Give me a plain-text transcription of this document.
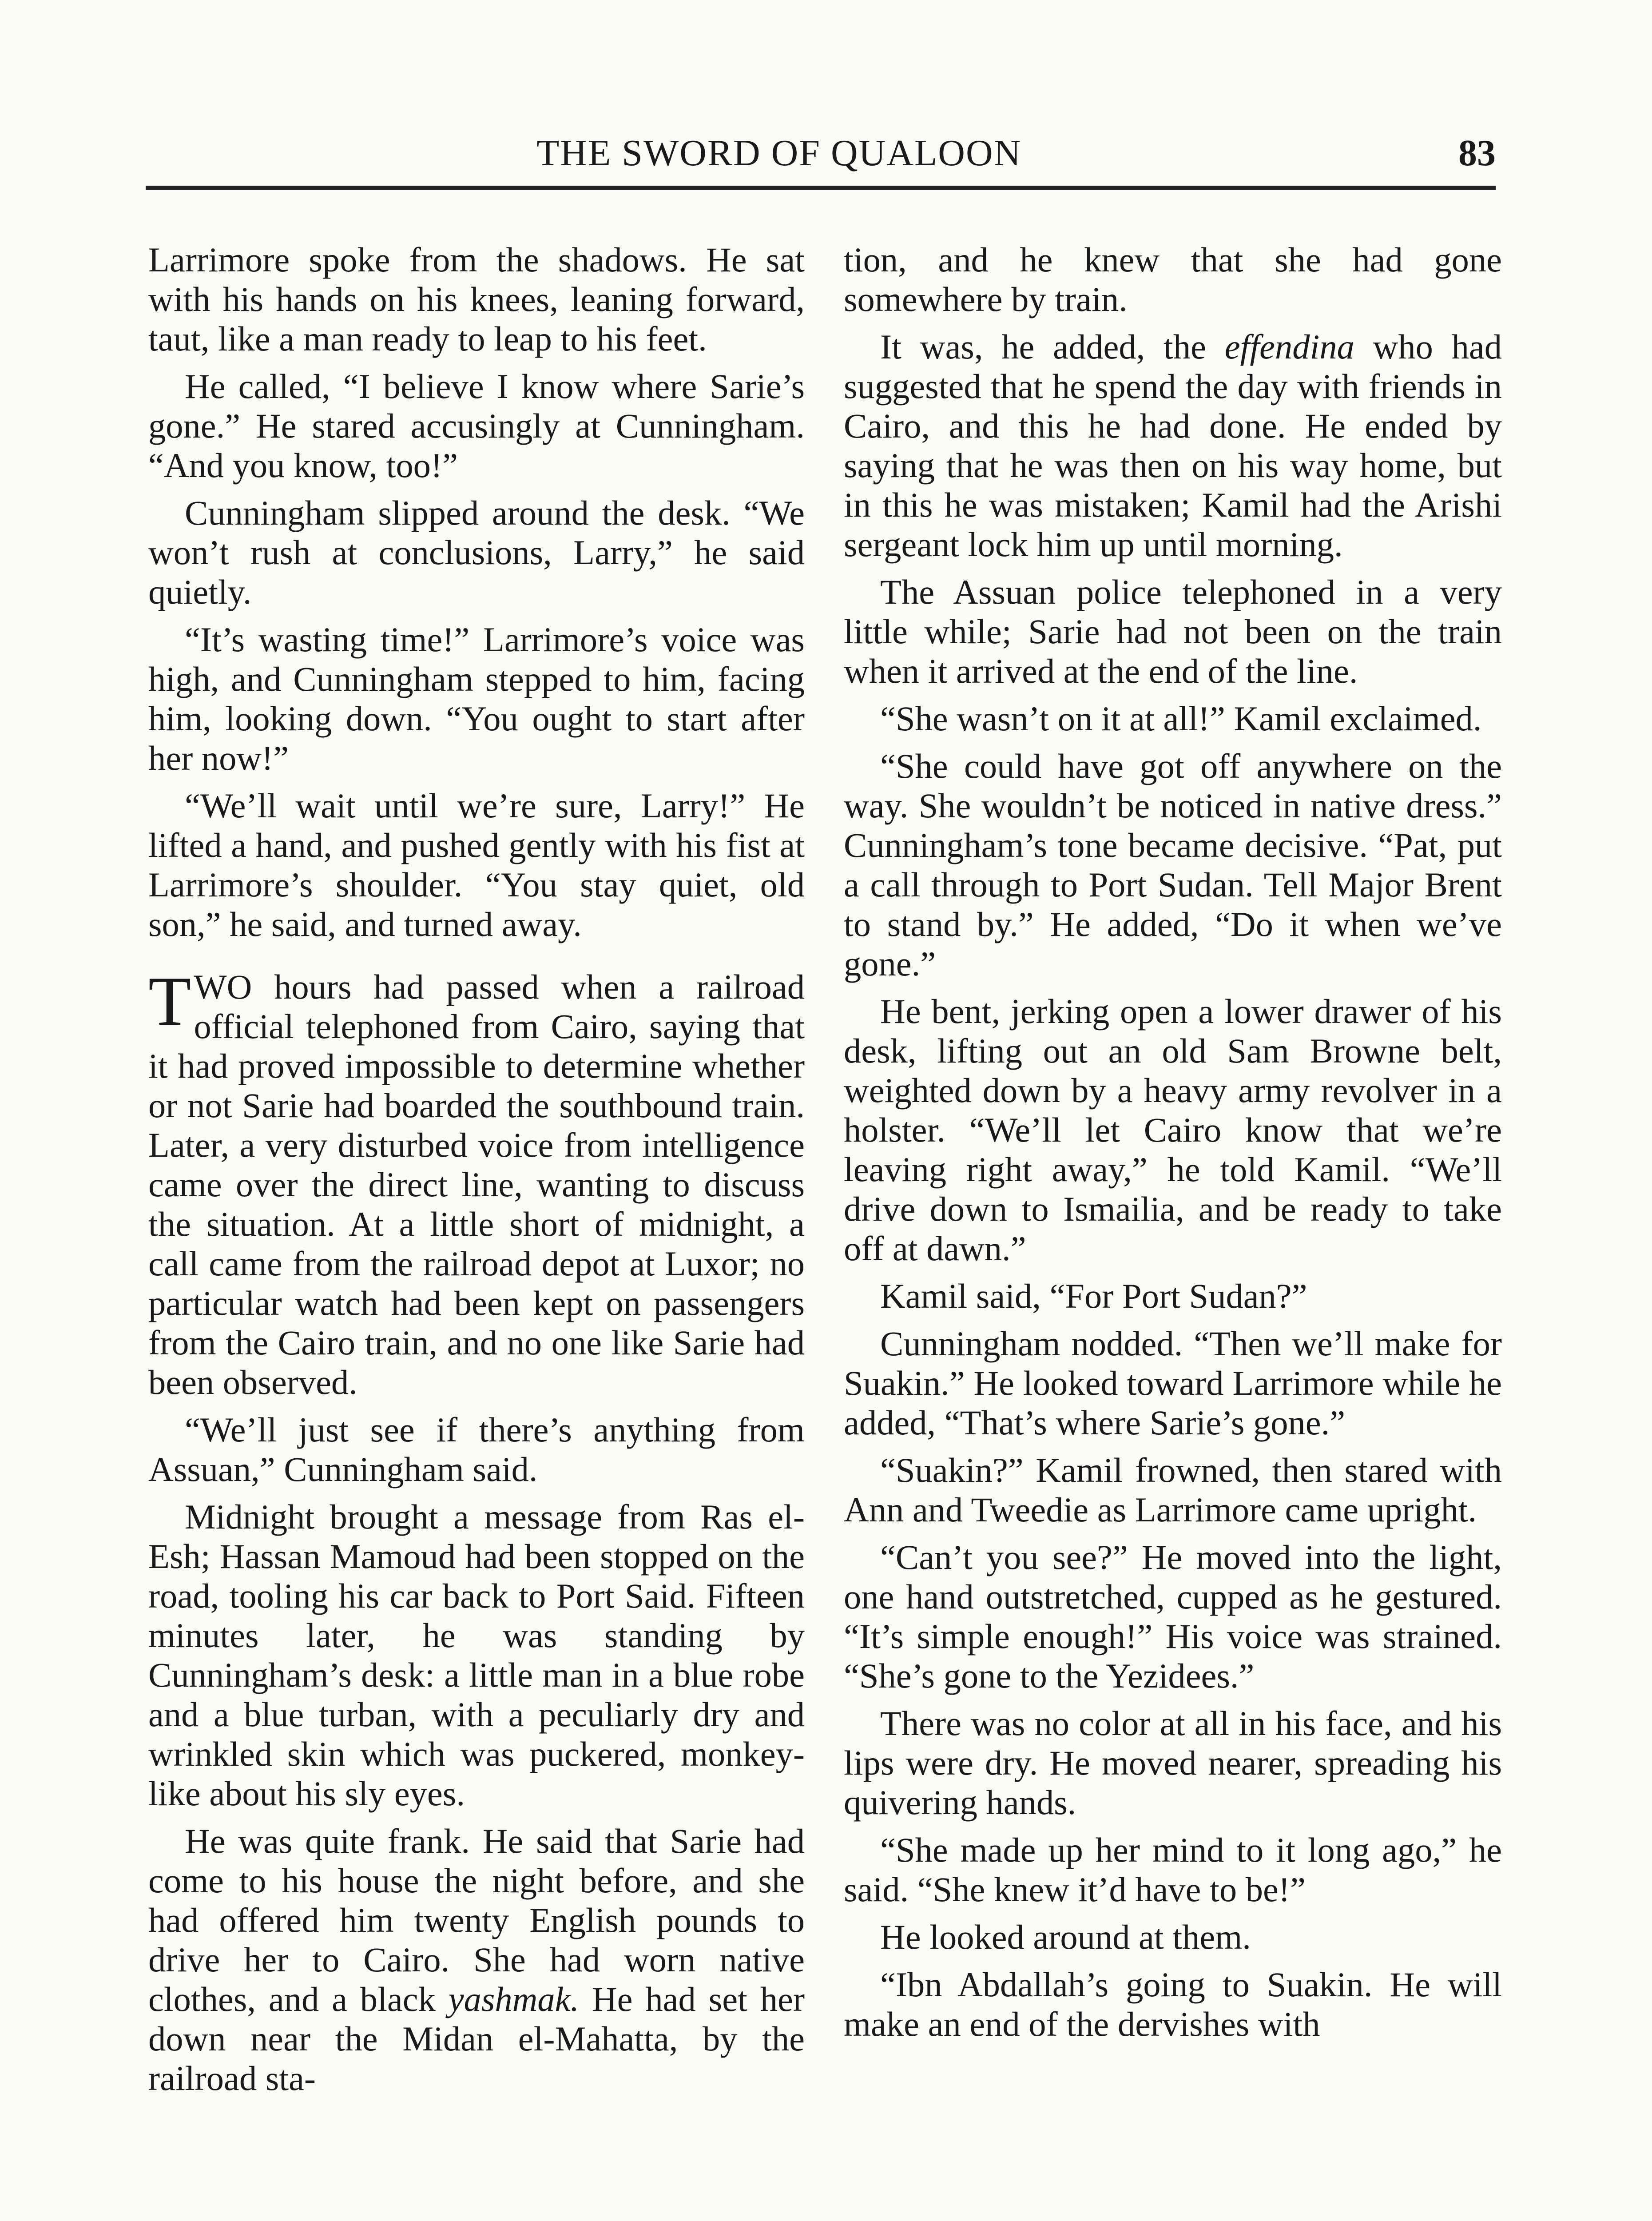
THE SWORD OF QUALOON	83

Larrimore spoke from the shadows. He sat with his hands on his knees, leaning forward, taut, like a man ready to leap to his feet.

He called, “I believe I know where Sarie’s gone.” He stared accusingly at Cunningham. “And you know, too!”

Cunningham slipped around the desk. “We won’t rush at conclusions, Larry,” he said quietly.

“It’s wasting time!” Larrimore’s voice was high, and Cunningham stepped to him, facing him, looking down. “You ought to start after her now!”

“We’ll wait until we’re sure, Larry!” He lifted a hand, and pushed gently with his fist at Larrimore’s shoulder. “You stay quiet, old son,” he said, and turned away.

TWO hours had passed when a railroad official telephoned from Cairo, saying that it had proved impossible to determine whether or not Sarie had boarded the southbound train. Later, a very disturbed voice from intelligence came over the direct line, wanting to discuss the situation. At a little short of midnight, a call came from the railroad depot at Luxor; no particular watch had been kept on passengers from the Cairo train, and no one like Sarie had been observed.

“We’ll just see if there’s anything from Assuan,” Cunningham said.

Midnight brought a message from Ras el-Esh; Hassan Mamoud had been stopped on the road, tooling his car back to Port Said. Fifteen minutes later, he was standing by Cunningham’s desk: a little man in a blue robe and a blue turban, with a peculiarly dry and wrinkled skin which was puckered, monkey-like about his sly eyes.

He was quite frank. He said that Sarie had come to his house the night before, and she had offered him twenty English pounds to drive her to Cairo. She had worn native clothes, and a black yashmak. He had set her down near the Midan el-Mahatta, by the railroad sta-

tion, and he knew that she had gone somewhere by train.

It was, he added, the effendina who had suggested that he spend the day with friends in Cairo, and this he had done. He ended by saying that he was then on his way home, but in this he was mistaken; Kamil had the Arishi sergeant lock him up until morning.

The Assuan police telephoned in a very little while; Sarie had not been on the train when it arrived at the end of the line.

“She wasn’t on it at all!” Kamil exclaimed.

“She could have got off anywhere on the way. She wouldn’t be noticed in native dress.” Cunningham’s tone became decisive. “Pat, put a call through to Port Sudan. Tell Major Brent to stand by.” He added, “Do it when we’ve gone.”

He bent, jerking open a lower drawer of his desk, lifting out an old Sam Browne belt, weighted down by a heavy army revolver in a holster. “We’ll let Cairo know that we’re leaving right away,” he told Kamil. “We’ll drive down to Ismailia, and be ready to take off at dawn.”

Kamil said, “For Port Sudan?”

Cunningham nodded. “Then we’ll make for Suakin.” He looked toward Larrimore while he added, “That’s where Sarie’s gone.”

“Suakin?” Kamil frowned, then stared with Ann and Tweedie as Larrimore came upright.

“Can’t you see?” He moved into the light, one hand outstretched, cupped as he gestured. “It’s simple enough!” His voice was strained. “She’s gone to the Yezidees.”

There was no color at all in his face, and his lips were dry. He moved nearer, spreading his quivering hands.

“She made up her mind to it long ago,” he said. “She knew it’d have to be!”

He looked around at them.

“Ibn Abdallah’s going to Suakin. He will make an end of the dervishes with
